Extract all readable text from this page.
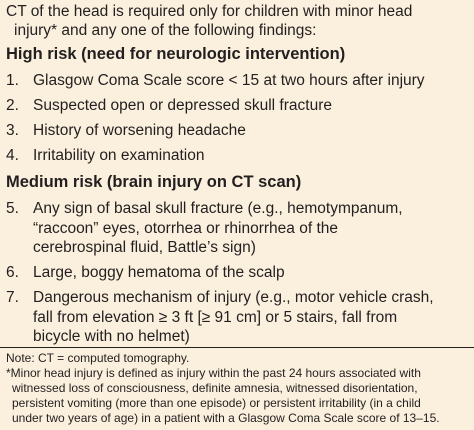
CT of the head is required only for children with minor head
injury* and any one of the following findings:
High risk (need for neurologic intervention)
1. Glasgow Coma Scale score < 15 at two hours after injury
2. Suspected open or depressed skull fracture
3. History of worsening headache
4. Irritability on examination
Medium risk (brain injury on CT scan)
5. Any sign of basal skull fracture (e.g., hemotympanum,
“raccoon” eyes, otorrhea or rhinorrhea of the
cerebrospinal fluid, Battle’s sign)
6. Large, boggy hematoma of the scalp
7. Dangerous mechanism of injury (e.g., motor vehicle crash,
fall from elevation ≥ 3 ft [≥ 91 cm] or 5 stairs, fall from
bicycle with no helmet)
Note: CT = computed tomography.
*Minor head injury is defined as injury within the past 24 hours associated with
witnessed loss of consciousness, definite amnesia, witnessed disorientation,
persistent vomiting (more than one episode) or persistent irritability (in a child
under two years of age) in a patient with a Glasgow Coma Scale score of 13–15.
